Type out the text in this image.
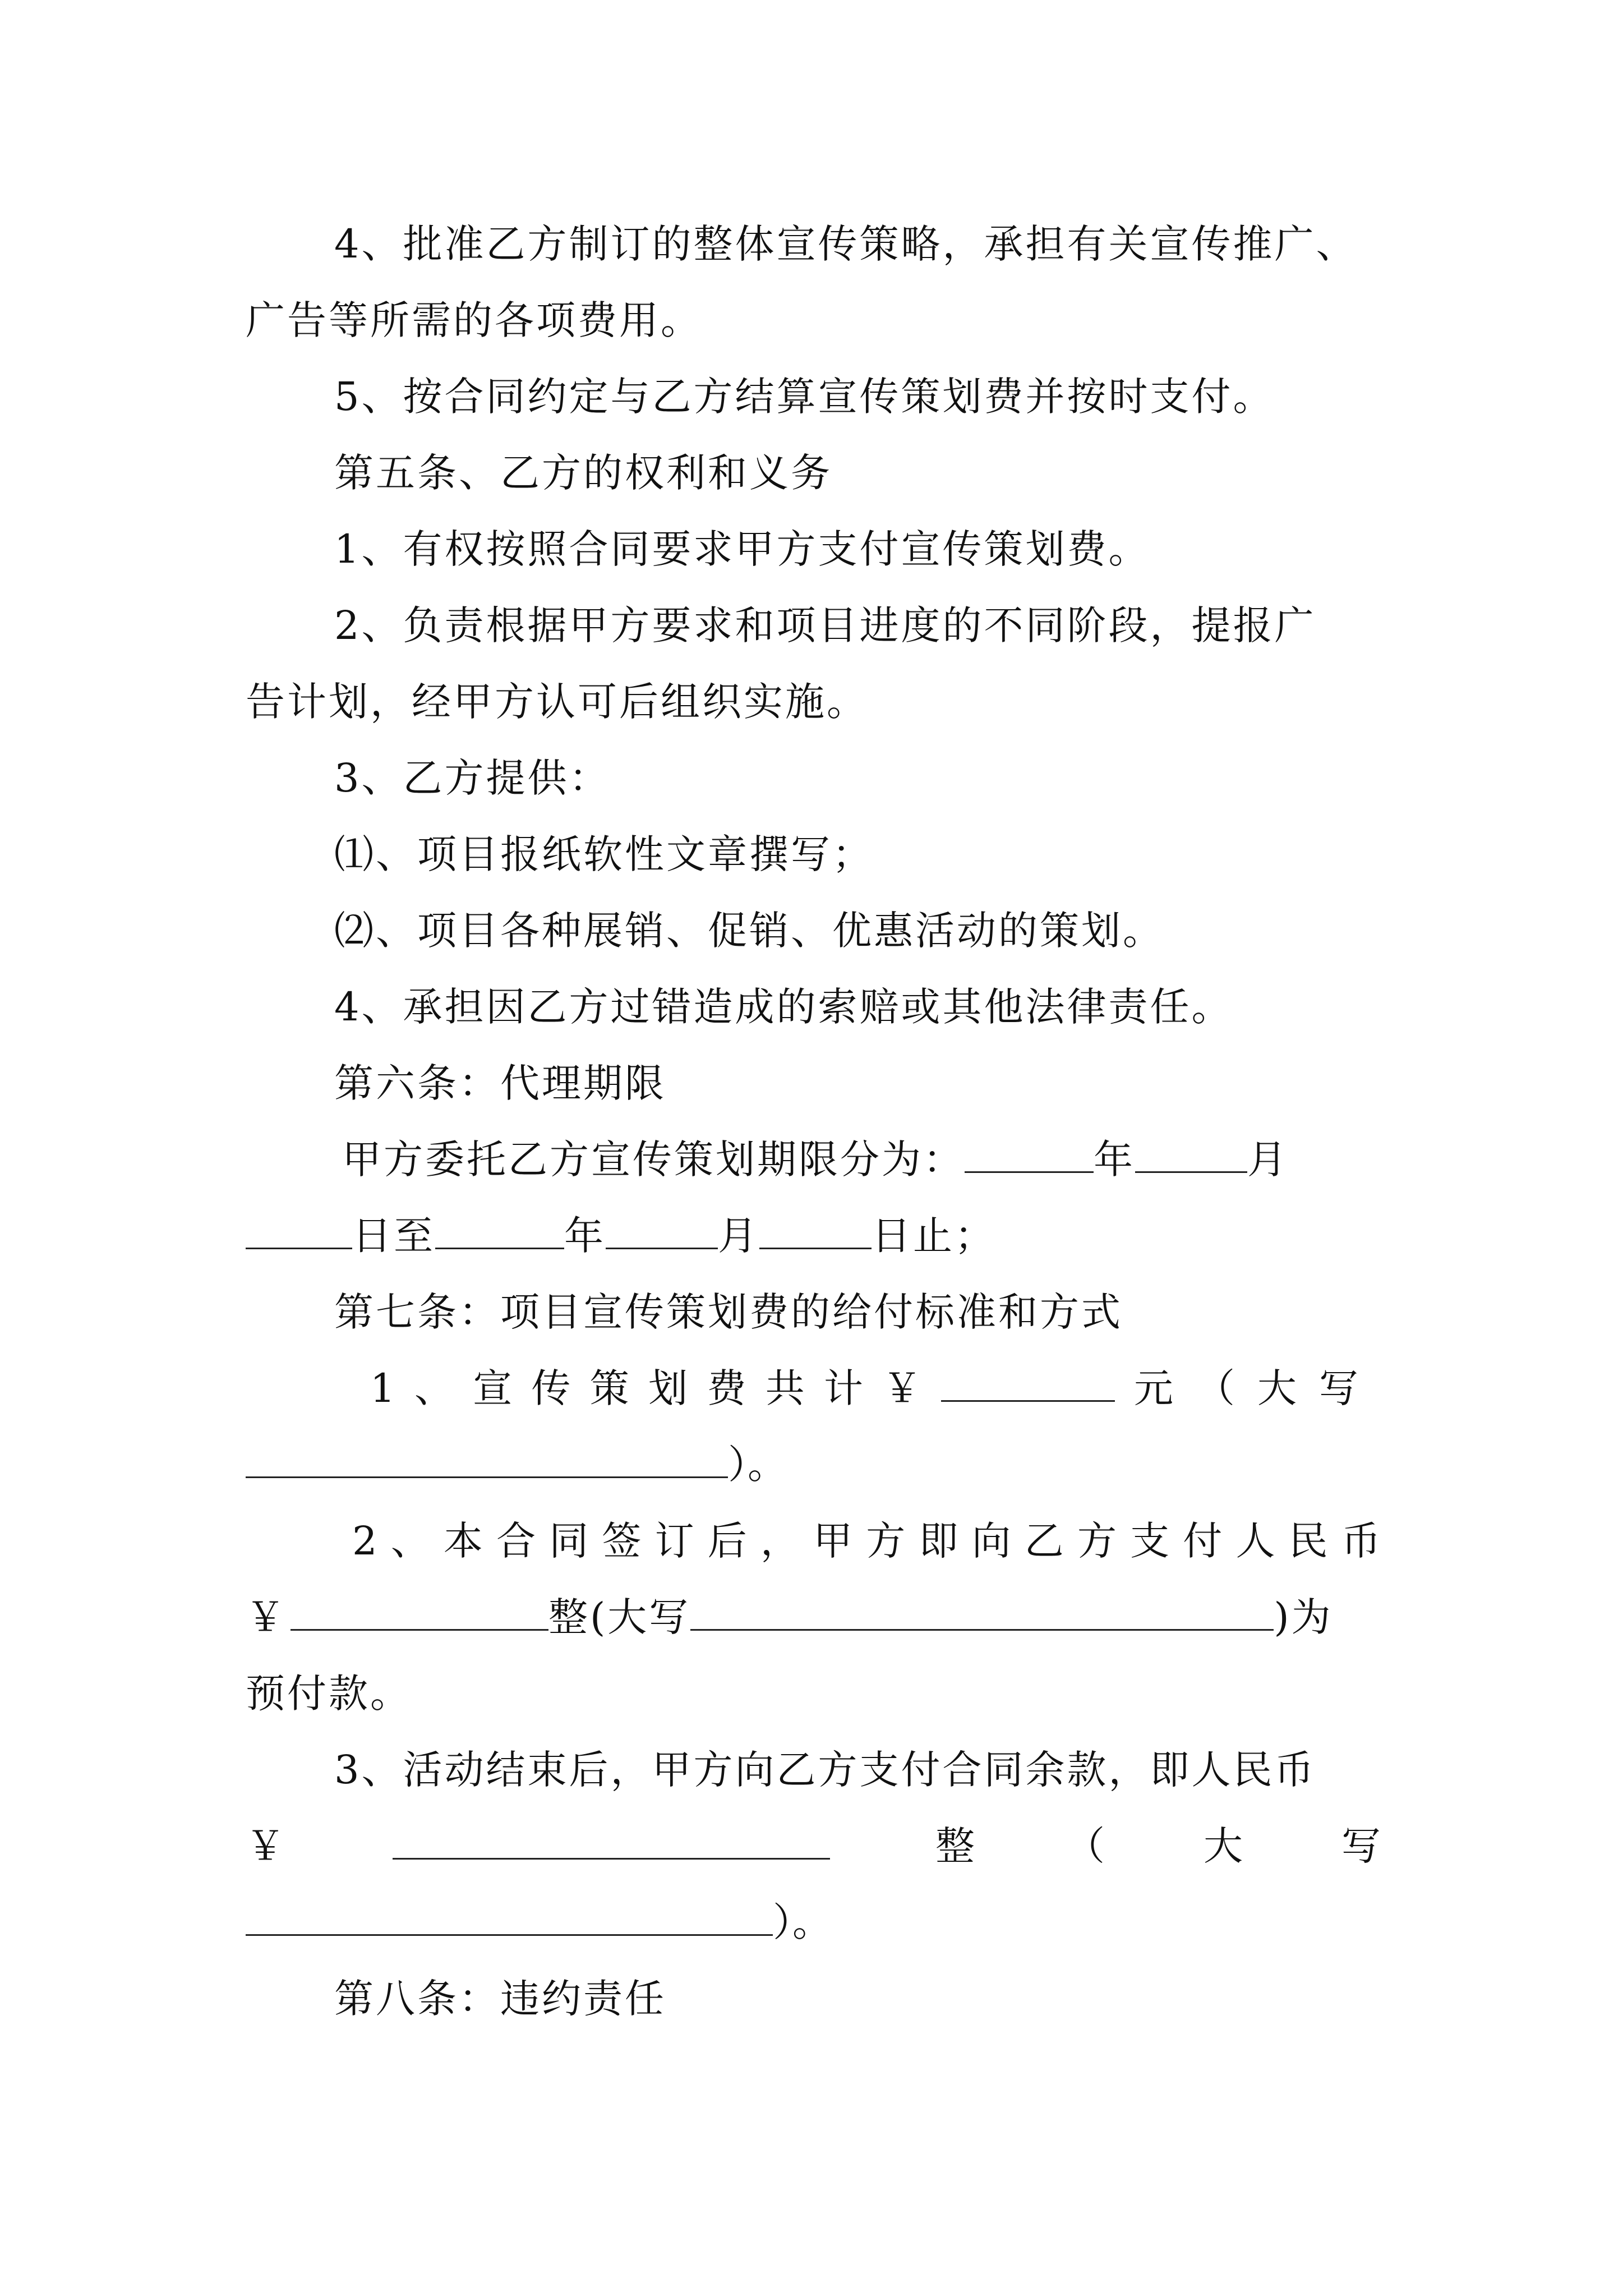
4、批准乙方制订的整体宣传策略，承担有关宣传推广、
广告等所需的各项费用。
5、按合同约定与乙方结算宣传策划费并按时支付。
第五条、乙方的权利和义务
1、有权按照合同要求甲方支付宣传策划费。
2、负责根据甲方要求和项目进度的不同阶段，提报广
告计划，经甲方认可后组织实施。
3、乙方提供：
⑴、项目报纸软性文章撰写；
⑵、项目各种展销、促销、优惠活动的策划。
4、承担因乙方过错造成的索赔或其他法律责任。
第六条：代理期限
甲方委托乙方宣传策划期限分为：	年	月
日至	年	月	日止；
第七条：项目宣传策划费的给付标准和方式
1 、 宣 传 策 划 费 共 计 ￥	元（大写
）。
2 、 本 合 同 签 订 后 ， 甲 方 即 向 乙 方 支 付 人 民 币
￥	整(大写	)为
预付款。
3、活动结束后，甲方向乙方支付合同余款，即人民币
￥	整 （	大	写
）。
第八条：违约责任
